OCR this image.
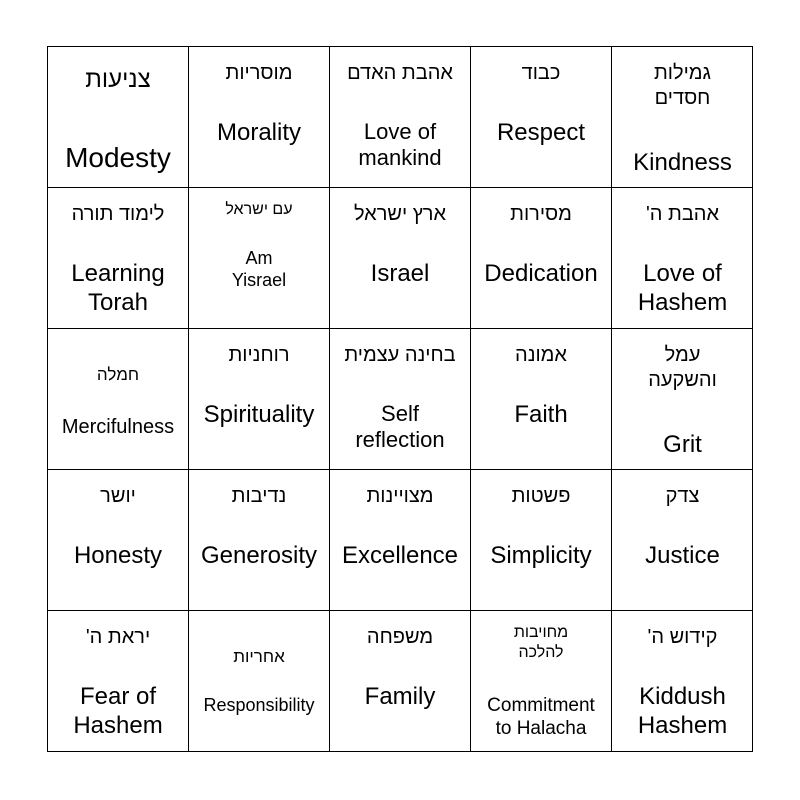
צניעות
Modesty
מוסריות
Morality
אהבת האדם
Love of
mankind
כבוד
Respect
גמילות
חסדים
Kindness
לימוד תורה
Learning
Torah
עם ישראל
Am
Yisrael
ארץ ישראל
Israel
מסירות
Dedication
אהבת ה'
Love of
Hashem
חמלה
Mercifulness
רוחניות
Spirituality
בחינה עצמית
Self
reflection
אמונה
Faith
עמל
והשקעה
Grit
יושר
Honesty
נדיבות
Generosity
מצויינות
Excellence
פשטות
Simplicity
צדק
Justice
יראת ה'
Fear of
Hashem
אחריות
Responsibility
משפחה
Family
מחויבות
להלכה
Commitment
to Halacha
קידוש ה'
Kiddush
Hashem
